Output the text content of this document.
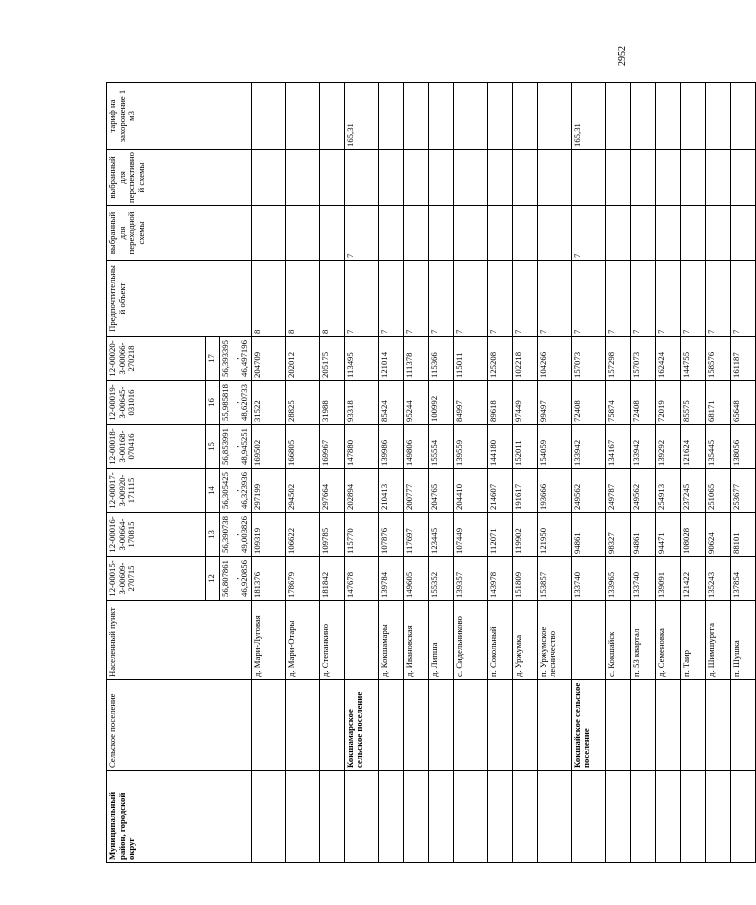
2952
Муниципальный район, городской округ	Сельское поселение	Населенный пункт	12-00015-З-00609-270715	12-00016-З-00664-170815	12-00017-З-00920-171115	12-00018-З-00168-070416	12-00019-З-00645-031016	12-00020-З-00066-270218	Предпочтительный объект	выбранный для переходной схемы	выбранный для перспективной схемы	тариф на захоронение 1 м3
			12	13	14	15	16	17				
			56,807861, 46,920856	56,390738, 49,003826	56,305425, 46,323936	56,853991, 48,945251	55,985818, 48,620733	56,393395, 46,497196				
		д. Мари-Луговая	181376	109319	297199	169502	31522	204709	8			
		д. Мари-Отары	178679	106622	294502	166805	28825	202012	8			
		д. Степанкино	181842	109785	297664	169967	31988	205175	8			
	Кокшамарское сельское поселение		147678	115770	202894	147880	93318	113495	7	7		165,31
		д. Кокшамары	139784	107876	210413	139986	85424	121014	7			
		д. Ивановская	149605	117697	200777	149806	95244	111378	7			
		д. Липша	155352	123445	204765	155554	100992	115366	7			
		с. Сидельниково	139357	107449	204410	139559	84997	115011	7			
		п. Сокольный	143978	112071	214607	144180	89618	125208	7			
		д. Уржумка	151809	119902	191617	152011	97449	102218	7			
		п. Уржумское лесничество	153857	121950	193666	154059	99497	104266	7			
	Кокшайское сельское поселение		133740	94861	249562	133942	72408	157073	7	7		165,31
		с. Кокшайск	133965	98327	249787	134167	75874	157298	7			
		п. 53 квартал	133740	94861	249562	133942	72408	157073	7			
		д. Семеновка	139091	94471	254913	139292	72019	162424	7			
		п. Таир	121422	108028	237245	121624	85575	144755	7			
		д. Шимшургга	135243	90624	251065	135445	68171	158576	7			
		п. Шушка	137854	88101	253677	138056	65648	161187	7			
